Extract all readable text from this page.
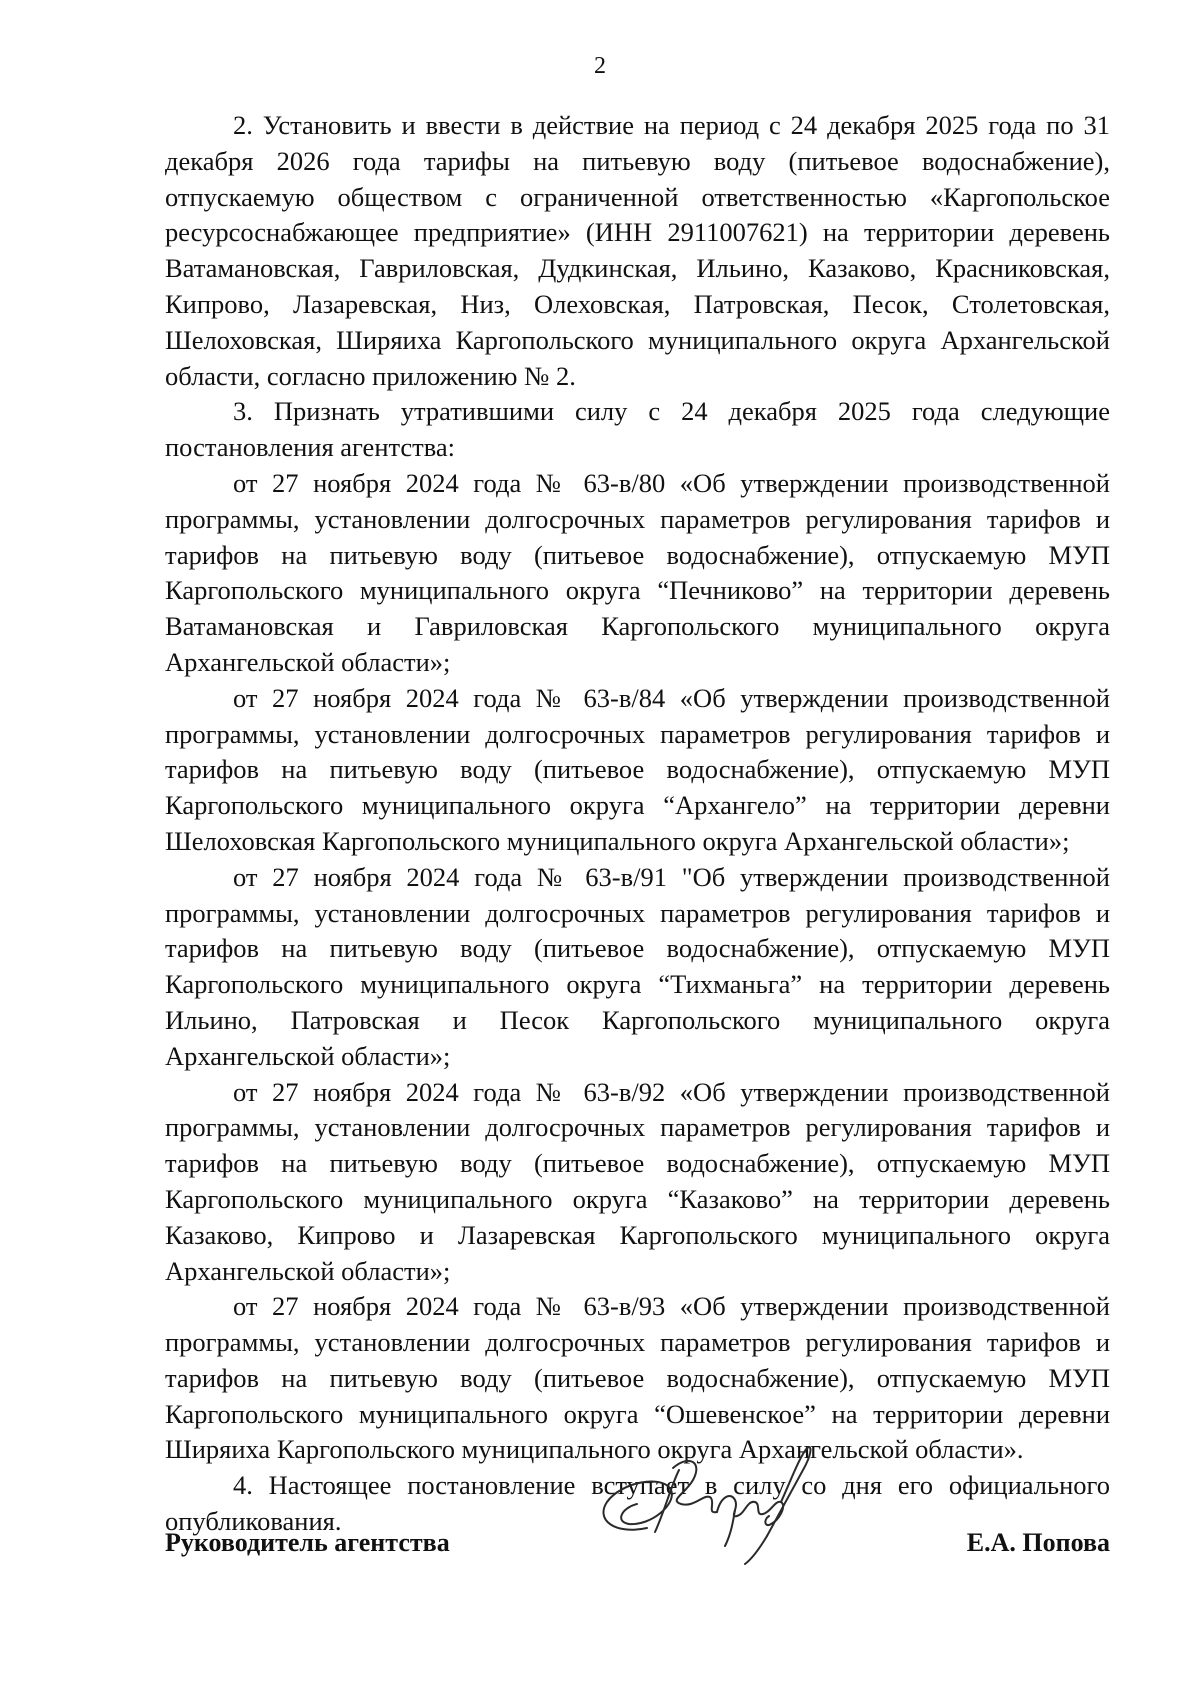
2

2. Установить и ввести в действие на период с 24 декабря 2025 года по 31 декабря 2026 года тарифы на питьевую воду (питьевое водоснабжение), отпускаемую обществом с ограниченной ответственностью «Каргопольское ресурсоснабжающее предприятие» (ИНН 2911007621) на территории деревень Ватамановская, Гавриловская, Дудкинская, Ильино, Казаково, Красниковская, Кипрово, Лазаревская, Низ, Олеховская, Патровская, Песок, Столетовская, Шелоховская, Ширяиха Каргопольского муниципального округа Архангельской области, согласно приложению № 2.

3. Признать утратившими силу с 24 декабря 2025 года следующие постановления агентства:

от 27 ноября 2024 года № 63-в/80 «Об утверждении производственной программы, установлении долгосрочных параметров регулирования тарифов и тарифов на питьевую воду (питьевое водоснабжение), отпускаемую МУП Каргопольского муниципального округа “Печниково” на территории деревень Ватамановская и Гавриловская Каргопольского муниципального округа Архангельской области»;

от 27 ноября 2024 года № 63-в/84 «Об утверждении производственной программы, установлении долгосрочных параметров регулирования тарифов и тарифов на питьевую воду (питьевое водоснабжение), отпускаемую МУП Каргопольского муниципального округа “Архангело” на территории деревни Шелоховская Каргопольского муниципального округа Архангельской области»;

от 27 ноября 2024 года № 63-в/91 "Об утверждении производственной программы, установлении долгосрочных параметров регулирования тарифов и тарифов на питьевую воду (питьевое водоснабжение), отпускаемую МУП Каргопольского муниципального округа “Тихманьга” на территории деревень Ильино, Патровская и Песок Каргопольского муниципального округа Архангельской области»;

от 27 ноября 2024 года № 63-в/92 «Об утверждении производственной программы, установлении долгосрочных параметров регулирования тарифов и тарифов на питьевую воду (питьевое водоснабжение), отпускаемую МУП Каргопольского муниципального округа “Казаково” на территории деревень Казаково, Кипрово и Лазаревская Каргопольского муниципального округа Архангельской области»;

от 27 ноября 2024 года № 63-в/93 «Об утверждении производственной программы, установлении долгосрочных параметров регулирования тарифов и тарифов на питьевую воду (питьевое водоснабжение), отпускаемую МУП Каргопольского муниципального округа “Ошевенское” на территории деревни Ширяиха Каргопольского муниципального округа Архангельской области».

4. Настоящее постановление вступает в силу со дня его официального опубликования.

Руководитель агентства	Е.А. Попова
